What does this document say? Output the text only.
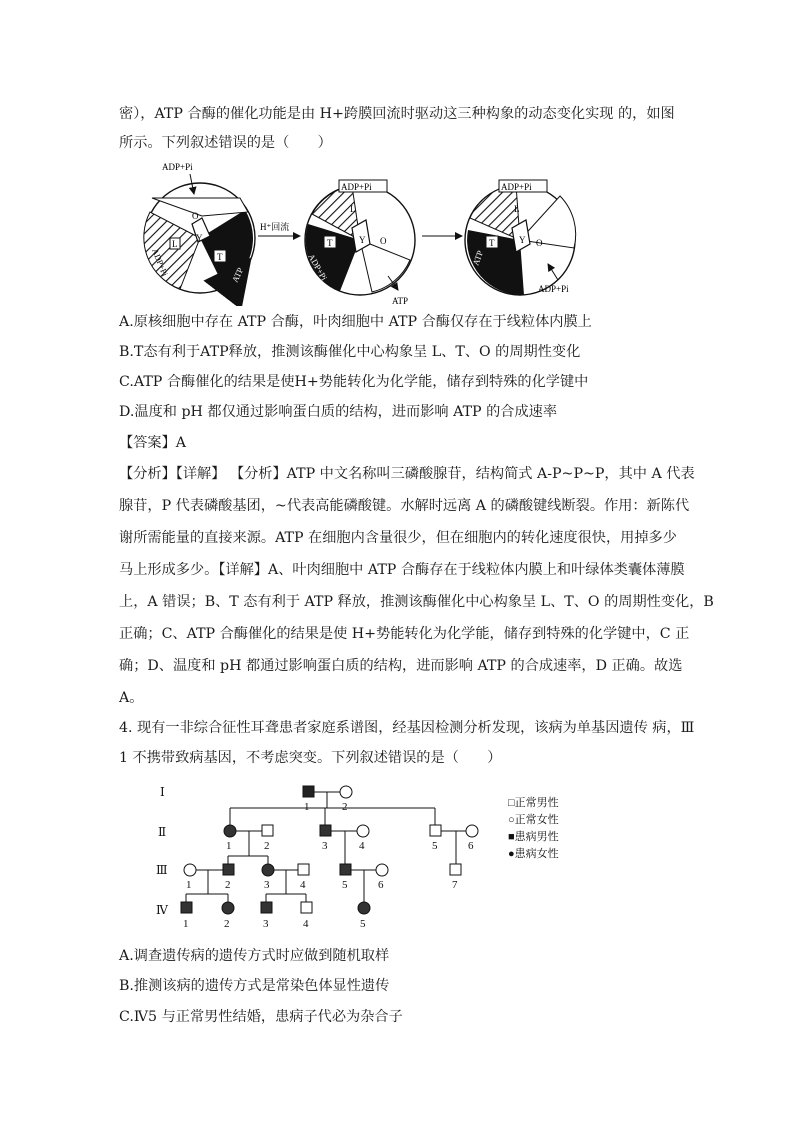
密），ATP 合酶的催化功能是由 H+跨膜回流时驱动这三种构象的动态变化实现 的，如图
所示。下列叙述错误的是（　　）
O
Y
T
L
ADP+Pi	ATP
ADP+Pi
H⁺回流
Y
L
T	O
ADP+Pi
ATP
ADP+Pi
Y
L
T	O
ATP
ADP+Pi
ADP+Pi
A.原核细胞中存在 ATP 合酶，叶肉细胞中 ATP 合酶仅存在于线粒体内膜上
B.T态有利于ATP释放，推测该酶催化中心构象呈 L、T、O 的周期性变化
C.ATP 合酶催化的结果是使H+势能转化为化学能，储存到特殊的化学键中
D.温度和 pH 都仅通过影响蛋白质的结构，进而影响 ATP 的合成速率
【答案】A
【分析】【详解】 【分析】ATP 中文名称叫三磷酸腺苷，结构简式 A-P~P~P，其中 A 代表
腺苷，P 代表磷酸基团，~代表高能磷酸键。水解时远离 A 的磷酸键线断裂。作用：新陈代
谢所需能量的直接来源。ATP 在细胞内含量很少，但在细胞内的转化速度很快，用掉多少
马上形成多少。【详解】A、叶肉细胞中 ATP 合酶存在于线粒体内膜上和叶绿体类囊体薄膜
上，A 错误；B、T 态有利于 ATP 释放，推测该酶催化中心构象呈 L、T、O 的周期性变化，B
正确；C、ATP 合酶催化的结果是使 H+势能转化为化学能，储存到特殊的化学键中，C 正
确；D、温度和 pH 都通过影响蛋白质的结构，进而影响 ATP 的合成速率，D 正确。故选
A。
4. 现有一非综合征性耳聋患者家庭系谱图，经基因检测分析发现，该病为单基因遗传 病，Ⅲ
1 不携带致病基因，不考虑突变。下列叙述错误的是（　　）
Ⅰ
Ⅱ
Ⅲ
Ⅳ
1	2
1	2	3	4	5	6
1	2	3	4	5	6	7
1	2	3	4	5
□正常男性
○正常女性
■患病男性
●患病女性
A.调查遗传病的遗传方式时应做到随机取样
B.推测该病的遗传方式是常染色体显性遗传
C.Ⅳ5 与正常男性结婚，患病子代必为杂合子
